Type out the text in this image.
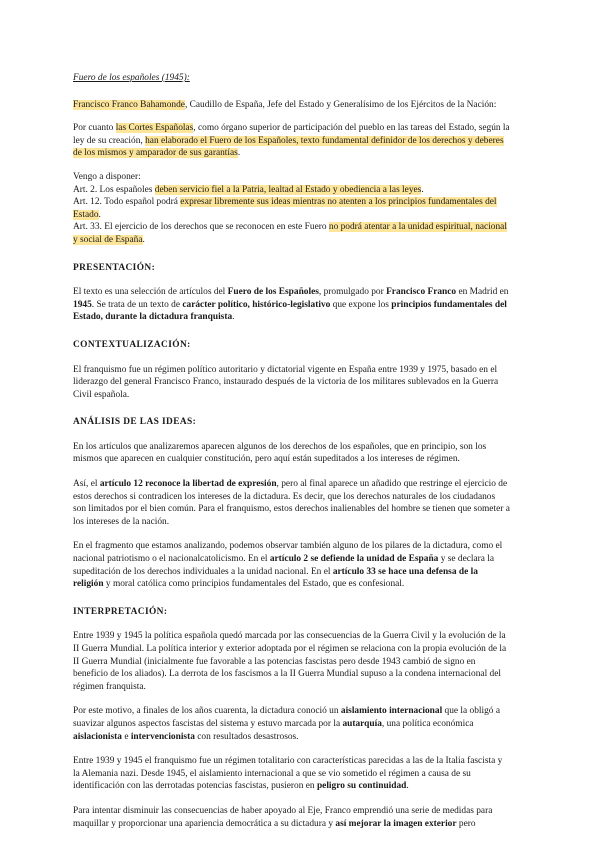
Fuero de los españoles (1945):

Francisco Franco Bahamonde, Caudillo de España, Jefe del Estado y Generalísimo de los Ejércitos de la Nación:

Por cuanto las Cortes Españolas, como órgano superior de participación del pueblo en las tareas del Estado, según la ley de su creación, han elaborado el Fuero de los Españoles, texto fundamental definidor de los derechos y deberes de los mismos y amparador de sus garantías.

Vengo a disponer:

Art. 2. Los españoles deben servicio fiel a la Patria, lealtad al Estado y obediencia a las leyes.

Art. 12. Todo español podrá expresar libremente sus ideas mientras no atenten a los principios fundamentales del Estado.

Art. 33. El ejercicio de los derechos que se reconocen en este Fuero no podrá atentar a la unidad espiritual, nacional y social de España.

PRESENTACIÓN:

El texto es una selección de artículos del Fuero de los Españoles, promulgado por Francisco Franco en Madrid en 1945. Se trata de un texto de carácter político, histórico-legislativo que expone los principios fundamentales del Estado, durante la dictadura franquista.

CONTEXTUALIZACIÓN:

El franquismo fue un régimen político autoritario y dictatorial vigente en España entre 1939 y 1975, basado en el liderazgo del general Francisco Franco, instaurado después de la victoria de los militares sublevados en la Guerra Civil española.

ANÁLISIS DE LAS IDEAS:

En los artículos que analizaremos aparecen algunos de los derechos de los españoles, que en principio, son los mismos que aparecen en cualquier constitución, pero aquí están supeditados a los intereses de régimen.

Así, el artículo 12 reconoce la libertad de expresión, pero al final aparece un añadido que restringe el ejercicio de estos derechos si contradicen los intereses de la dictadura. Es decir, que los derechos naturales de los ciudadanos son limitados por el bien común. Para el franquismo, estos derechos inalienables del hombre se tienen que someter a los intereses de la nación.

En el fragmento que estamos analizando, podemos observar también alguno de los pilares de la dictadura, como el nacional patriotismo o el nacionalcatolicismo. En el artículo 2 se defiende la unidad de España y se declara la supeditación de los derechos individuales a la unidad nacional. En el artículo 33 se hace una defensa de la religión y moral católica como principios fundamentales del Estado, que es confesional.

INTERPRETACIÓN:

Entre 1939 y 1945 la política española quedó marcada por las consecuencias de la Guerra Civil y la evolución de la II Guerra Mundial. La política interior y exterior adoptada por el régimen se relaciona con la propia evolución de la II Guerra Mundial (inicialmente fue favorable a las potencias fascistas pero desde 1943 cambió de signo en beneficio de los aliados). La derrota de los fascismos a la II Guerra Mundial supuso a la condena internacional del régimen franquista.

Por este motivo, a finales de los años cuarenta, la dictadura conoció un aislamiento internacional que la obligó a suavizar algunos aspectos fascistas del sistema y estuvo marcada por la autarquía, una política económica aislacionista e intervencionista con resultados desastrosos.

Entre 1939 y 1945 el franquismo fue un régimen totalitario con características parecidas a las de la Italia fascista y la Alemania nazi. Desde 1945, el aislamiento internacional a que se vio sometido el régimen a causa de su identificación con las derrotadas potencias fascistas, pusieron en peligro su continuidad.

Para intentar disminuir las consecuencias de haber apoyado al Eje, Franco emprendió una serie de medidas para maquillar y proporcionar una apariencia democrática a su dictadura y así mejorar la imagen exterior pero
